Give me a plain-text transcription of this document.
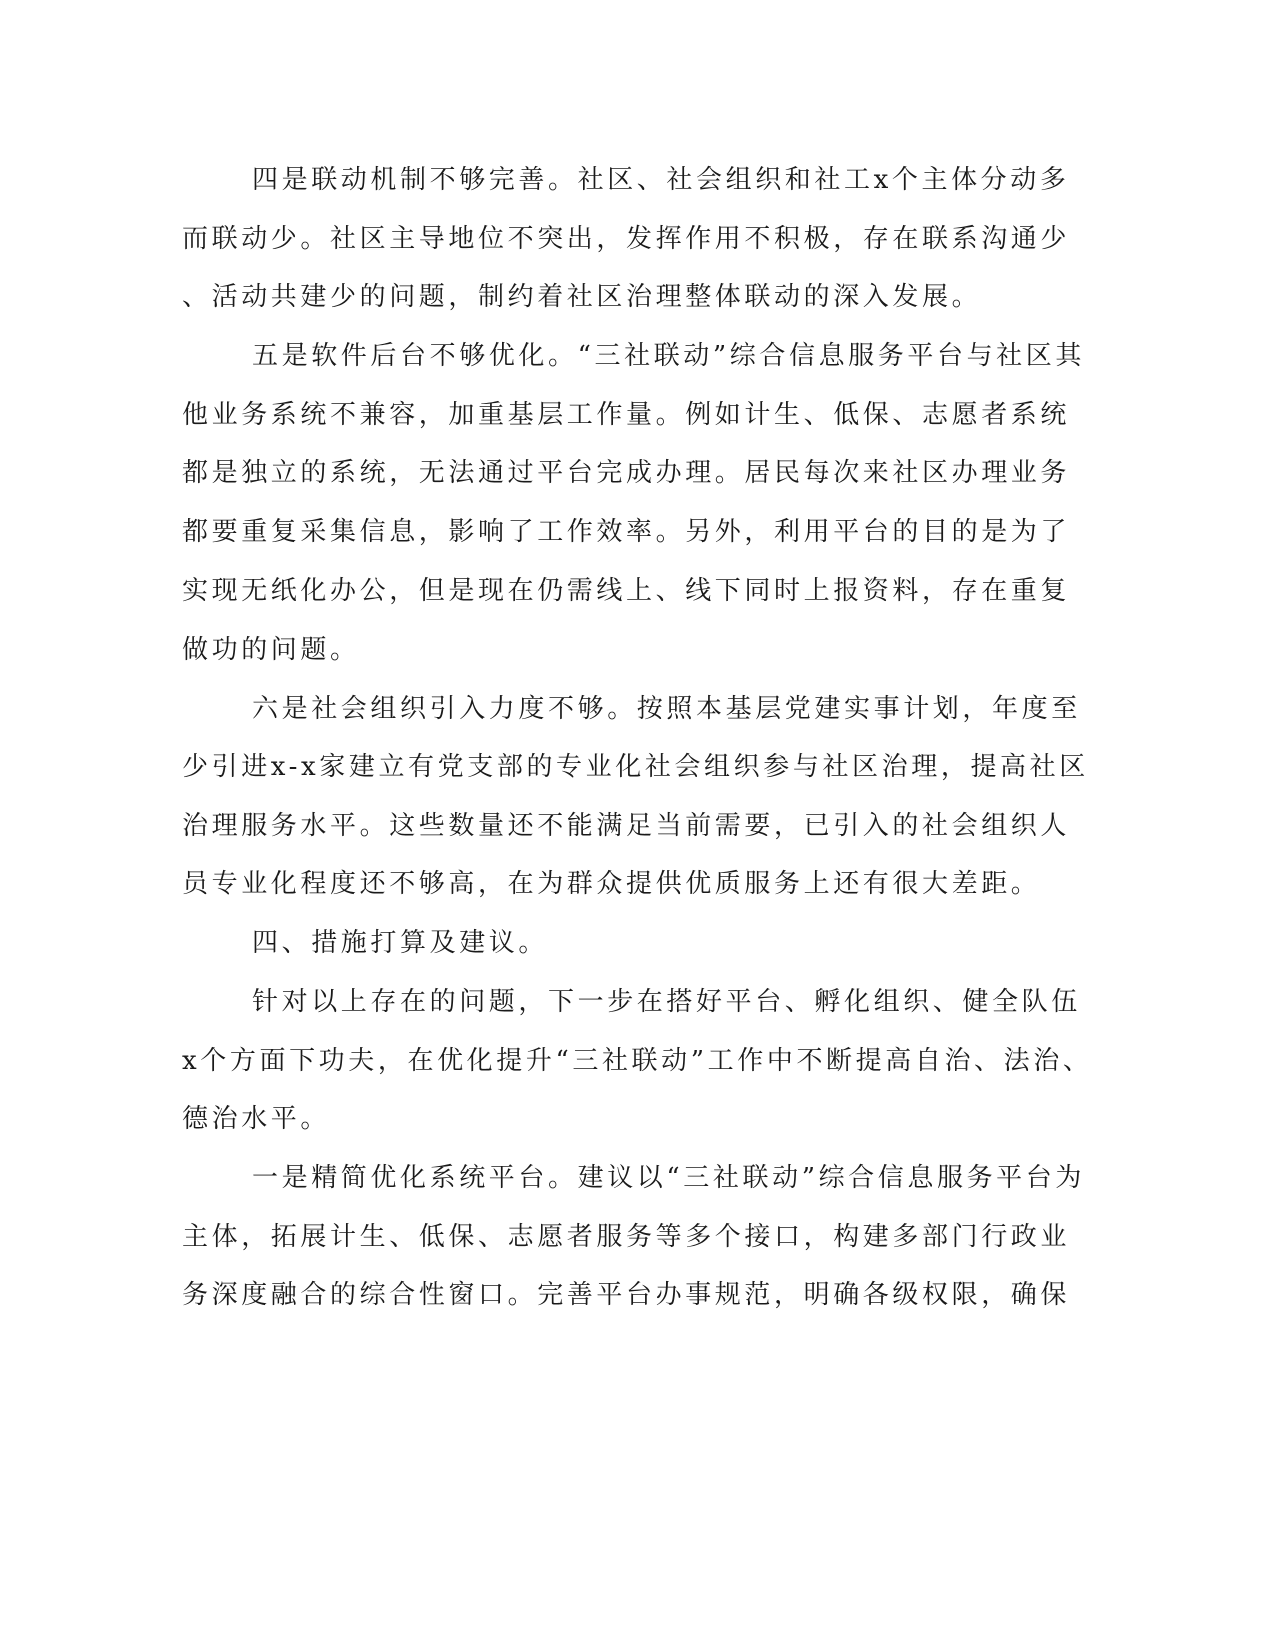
四是联动机制不够完善。社区、社会组织和社工x个主体分动多
而联动少。社区主导地位不突出，发挥作用不积极，存在联系沟通少
、活动共建少的问题，制约着社区治理整体联动的深入发展。
五是软件后台不够优化。“三社联动”综合信息服务平台与社区其
他业务系统不兼容，加重基层工作量。例如计生、低保、志愿者系统
都是独立的系统，无法通过平台完成办理。居民每次来社区办理业务
都要重复采集信息，影响了工作效率。另外，利用平台的目的是为了
实现无纸化办公，但是现在仍需线上、线下同时上报资料，存在重复
做功的问题。
六是社会组织引入力度不够。按照本基层党建实事计划，年度至
少引进x-x家建立有党支部的专业化社会组织参与社区治理，提高社区
治理服务水平。这些数量还不能满足当前需要，已引入的社会组织人
员专业化程度还不够高，在为群众提供优质服务上还有很大差距。
四、措施打算及建议。
针对以上存在的问题，下一步在搭好平台、孵化组织、健全队伍
x个方面下功夫，在优化提升“三社联动”工作中不断提高自治、法治、
德治水平。
一是精简优化系统平台。建议以“三社联动”综合信息服务平台为
主体，拓展计生、低保、志愿者服务等多个接口，构建多部门行政业
务深度融合的综合性窗口。完善平台办事规范，明确各级权限，确保
